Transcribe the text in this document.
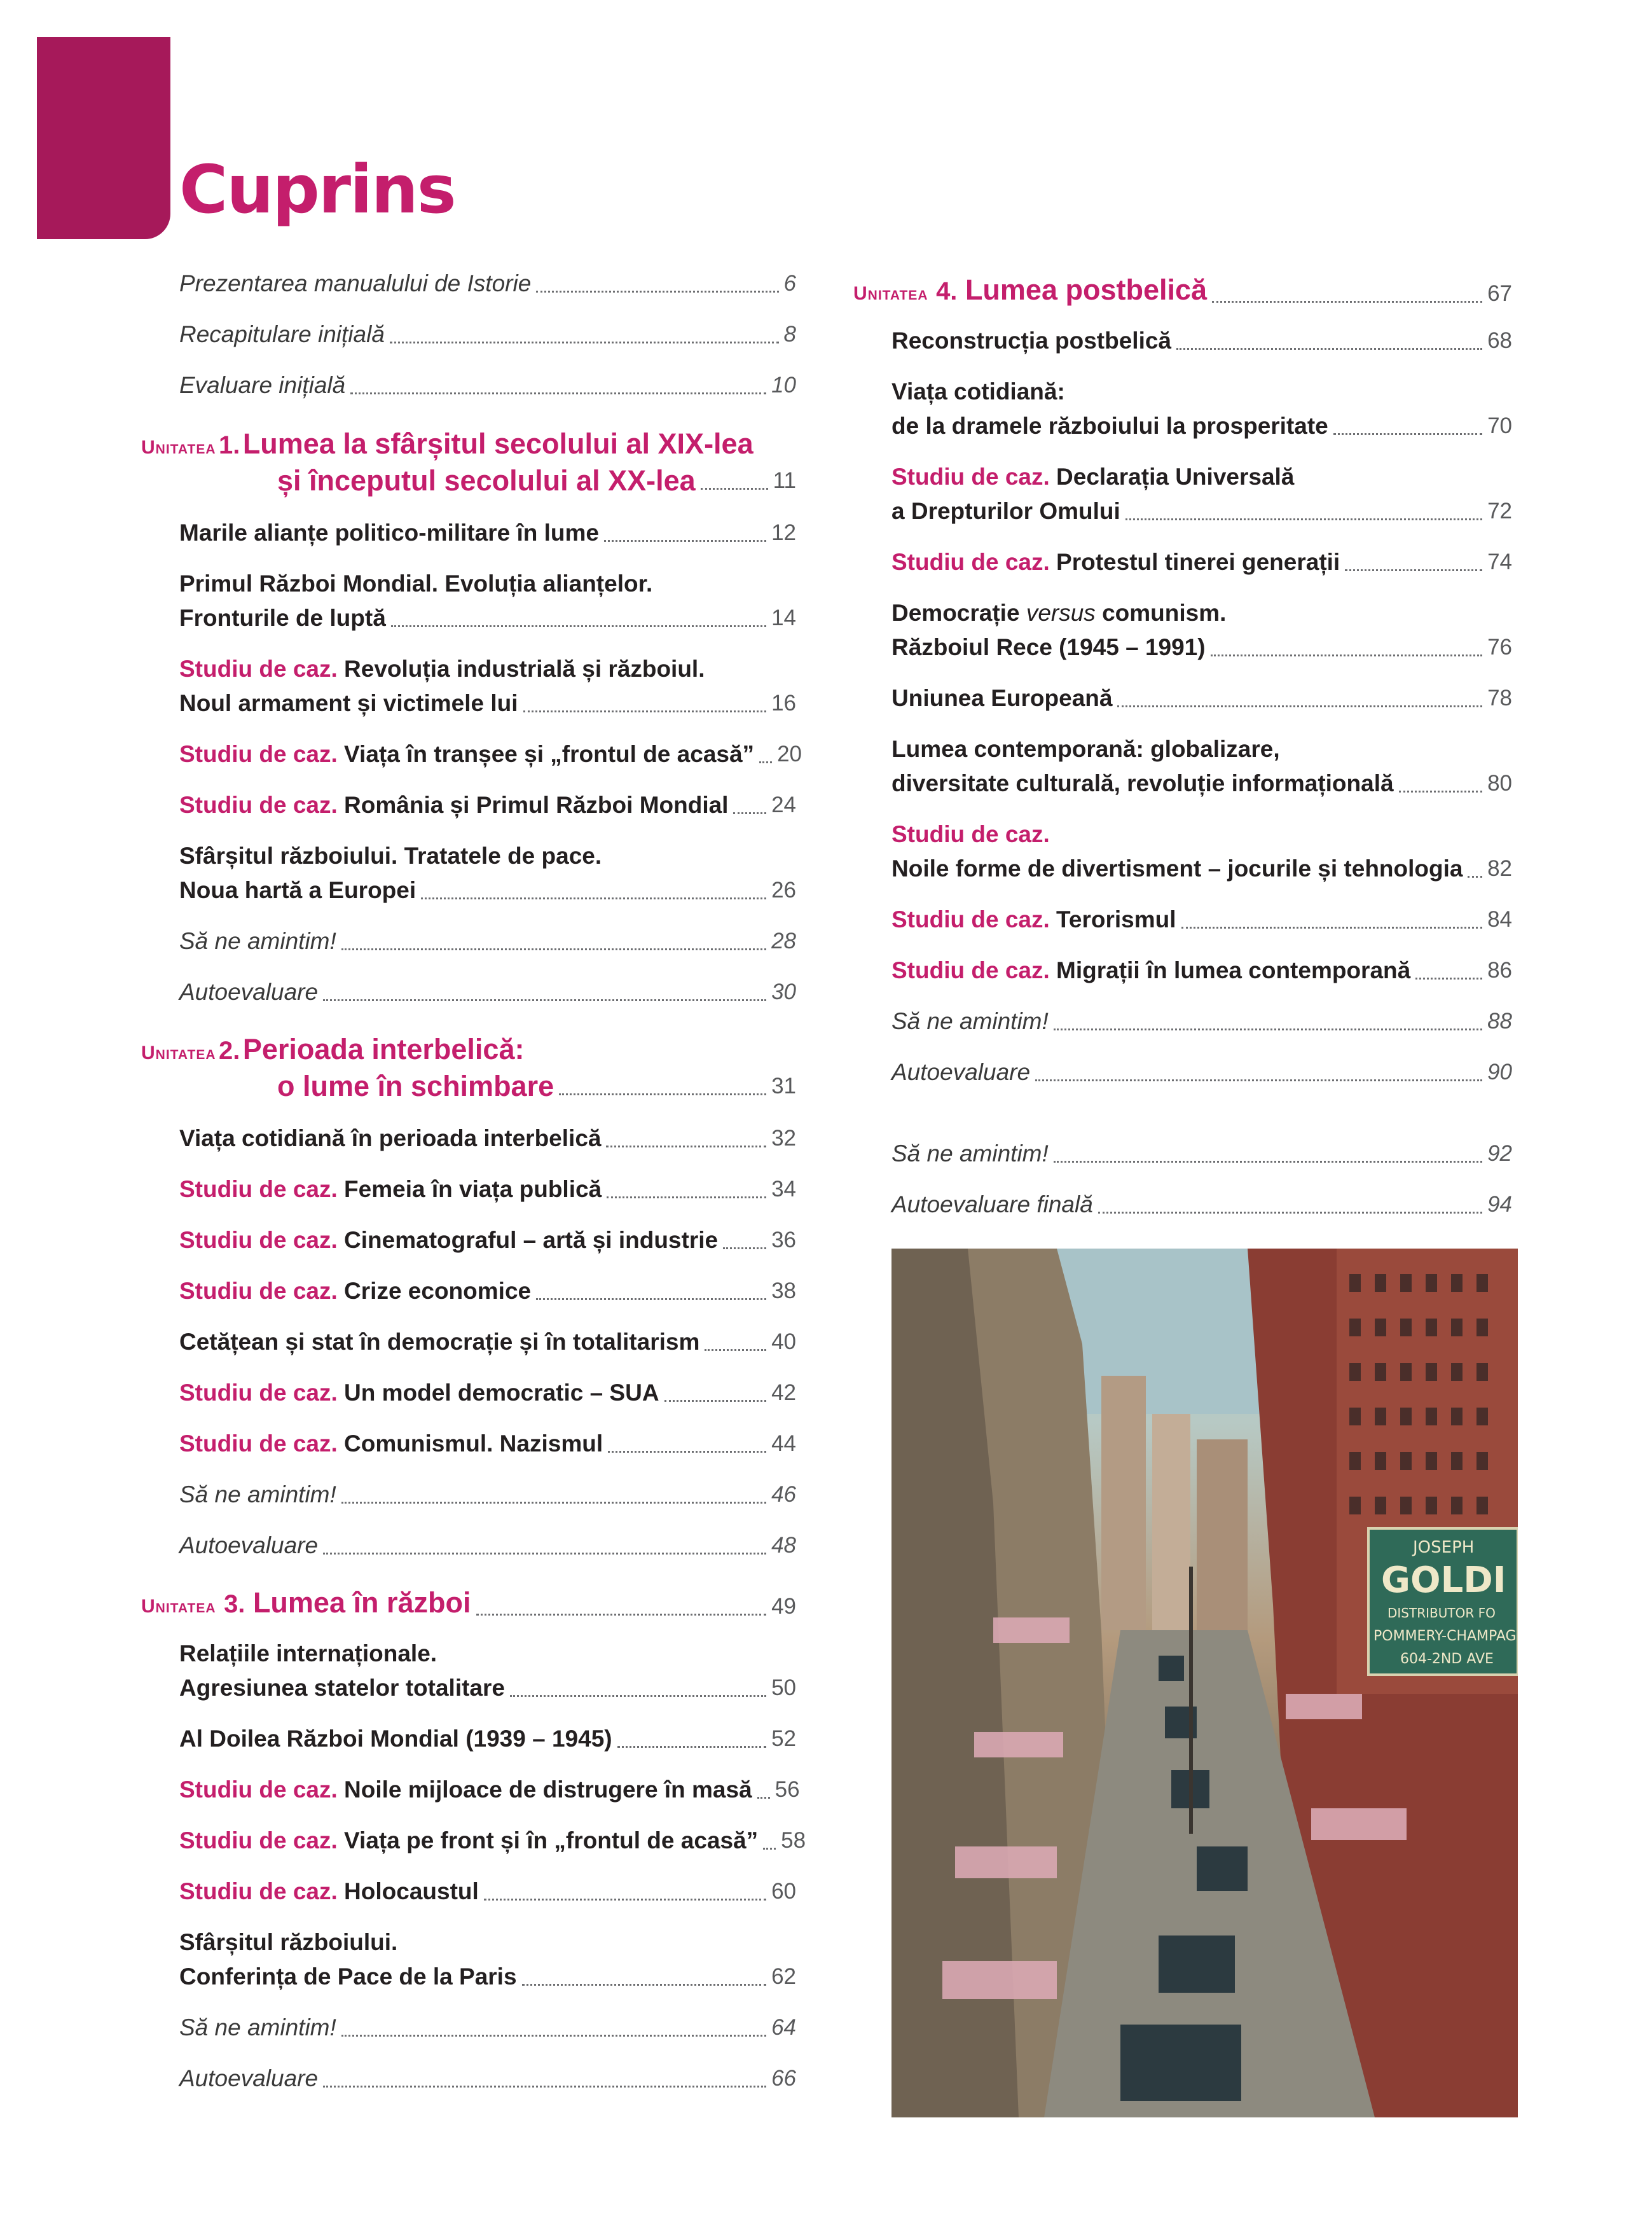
Cuprins
Prezentarea manualului de Istorie	6
Recapitulare inițială	8
Evaluare inițială	10
Unitatea 1. Lumea la sfârșitul secolului al XIX-lea
și începutul secolului al XX-lea	11
Marile alianțe politico-militare în lume	12
Primul Război Mondial. Evoluția alianțelor.
Fronturile de luptă	14
Studiu de caz. Revoluția industrială și războiul.
Noul armament și victimele lui	16
Studiu de caz. Viața în tranșee și „frontul de acasă” 20
Studiu de caz. România și Primul Război Mondial 24
Sfârșitul războiului. Tratatele de pace.
Noua hartă a Europei	26
Să ne amintim!	28
Autoevaluare	30
Unitatea 2. Perioada interbelică:
o lume în schimbare	31
Viața cotidiană în perioada interbelică	32
Studiu de caz. Femeia în viața publică	34
Studiu de caz. Cinematograful – artă și industrie 36
Studiu de caz. Crize economice	38
Cetățean și stat în democrație și în totalitarism	40
Studiu de caz. Un model democratic – SUA	42
Studiu de caz. Comunismul. Nazismul	44
Să ne amintim!	46
Autoevaluare	48
Unitatea 3. Lumea în război	49
Relațiile internaționale.
Agresiunea statelor totalitare	50
Al Doilea Război Mondial (1939 – 1945)	52
Studiu de caz. Noile mijloace de distrugere în masă 56
Studiu de caz. Viața pe front și în „frontul de acasă” 58
Studiu de caz. Holocaustul	60
Sfârșitul războiului.
Conferința de Pace de la Paris	62
Să ne amintim!	64
Autoevaluare	66
Unitatea 4. Lumea postbelică	67
Reconstrucția postbelică	68
Viața cotidiană:
de la dramele războiului la prosperitate	70
Studiu de caz. Declarația Universală
a Drepturilor Omului	72
Studiu de caz. Protestul tinerei generații	74
Democrație versus comunism.
Războiul Rece (1945 – 1991)	76
Uniunea Europeană	78
Lumea contemporană: globalizare,
diversitate culturală, revoluție informațională	80
Studiu de caz.
Noile forme de divertisment – jocurile și tehnologia 82
Studiu de caz. Terorismul	84
Studiu de caz. Migrații în lumea contemporană	86
Să ne amintim!	88
Autoevaluare	90
Să ne amintim!	92
Autoevaluare finală	94
JOSEPH
GOLDI
DISTRIBUTOR FO
POMMERY-CHAMPAG
604-2ND AVE
